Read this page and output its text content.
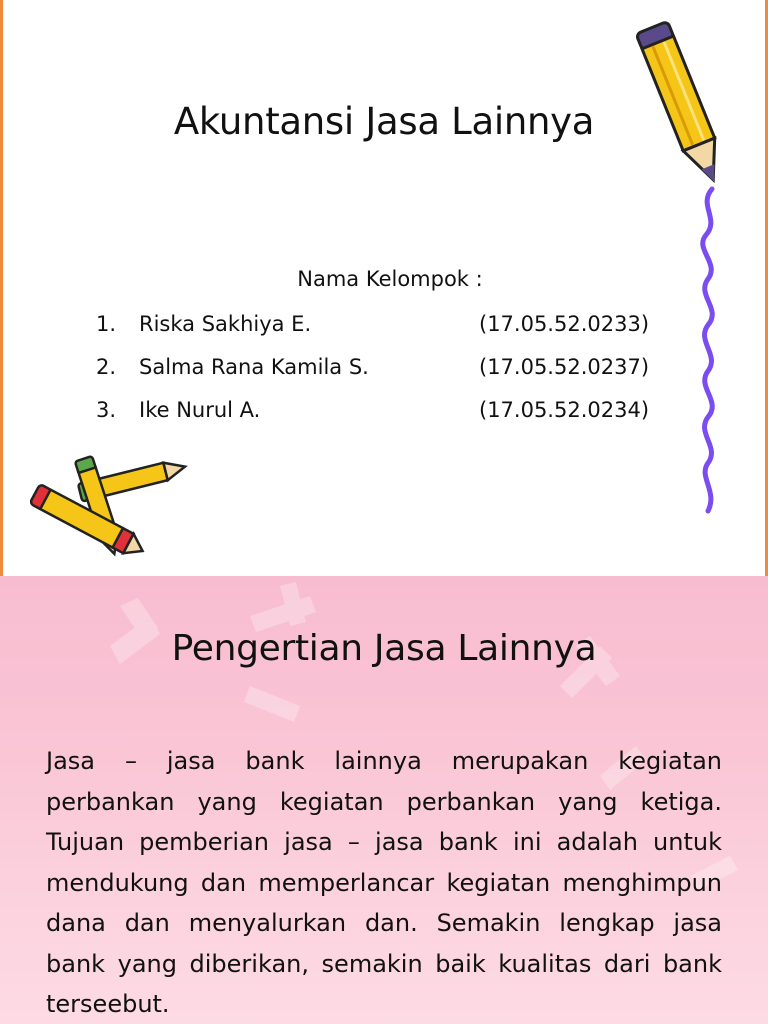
Akuntansi Jasa Lainnya
Nama Kelompok :
1. Riska Sakhiya E.	(17.05.52.0233)
2. Salma Rana Kamila S.	(17.05.52.0237)
3. Ike Nurul A.	(17.05.52.0234)
Pengertian Jasa Lainnya
Jasa – jasa bank lainnya merupakan kegiatan perbankan yang kegiatan perbankan yang ketiga. Tujuan pemberian jasa – jasa bank ini adalah untuk mendukung dan memperlancar kegiatan menghimpun dana dan menyalurkan dan. Semakin lengkap jasa bank yang diberikan, semakin baik kualitas dari bank terseebut.
